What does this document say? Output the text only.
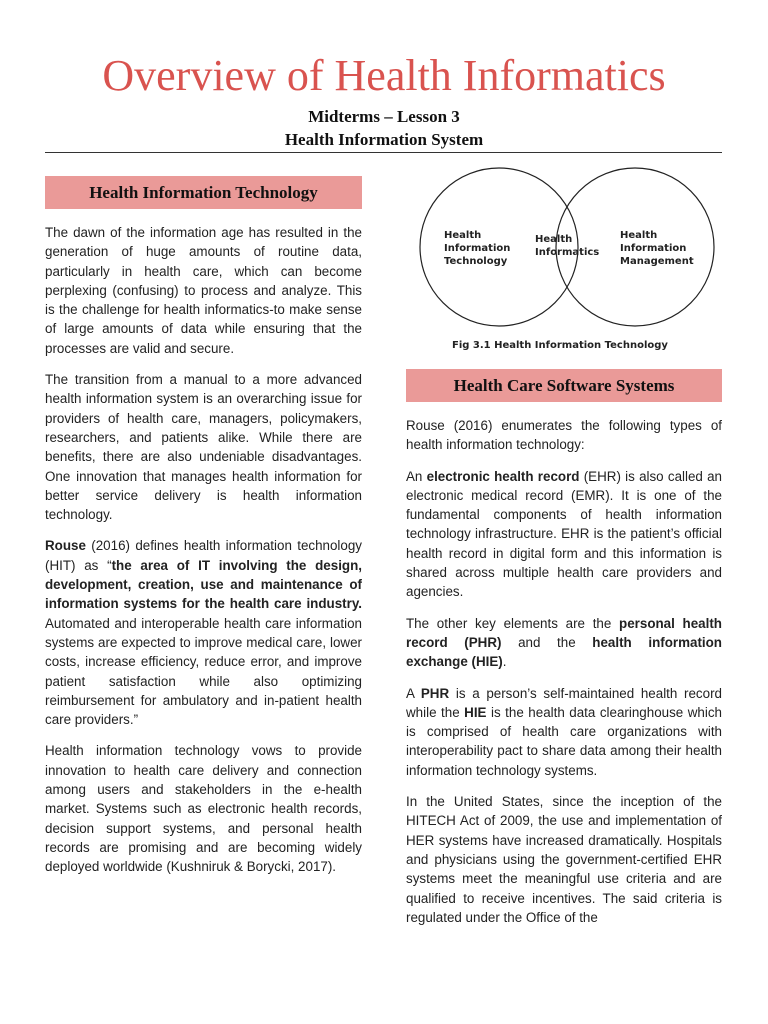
Overview of Health Informatics
Midterms – Lesson 3
Health Information System
Health Information Technology

The dawn of the information age has resulted in the generation of huge amounts of routine data, particularly in health care, which can become perplexing (confusing) to process and analyze. This is the challenge for health informatics-to make sense of large amounts of data while ensuring that the processes are valid and secure.

The transition from a manual to a more advanced health information system is an overarching issue for providers of health care, managers, policymakers, researchers, and patients alike. While there are benefits, there are also undeniable disadvantages. One innovation that manages health information for better service delivery is health information technology.

Rouse (2016) defines health information technology (HIT) as “the area of IT involving the design, development, creation, use and maintenance of information systems for the health care industry. Automated and interoperable health care information systems are expected to improve medical care, lower costs, increase efficiency, reduce error, and improve patient satisfaction while also optimizing reimbursement for ambulatory and in-patient health care providers.”

Health information technology vows to provide innovation to health care delivery and connection among users and stakeholders in the e-health market. Systems such as electronic health records, decision support systems, and personal health records are promising and are becoming widely deployed worldwide (Kushniruk & Borycki, 2017).

Health Information Technology
Health Informatics
Health Information Management
Fig 3.1 Health Information Technology
Health Care Software Systems

Rouse (2016) enumerates the following types of health information technology:

An electronic health record (EHR) is also called an electronic medical record (EMR). It is one of the fundamental components of health information technology infrastructure. EHR is the patient’s official health record in digital form and this information is shared across multiple health care providers and agencies.

The other key elements are the personal health record (PHR) and the health information exchange (HIE).

A PHR is a person’s self-maintained health record while the HIE is the health data clearinghouse which is comprised of health care organizations with interoperability pact to share data among their health information technology systems.

In the United States, since the inception of the HITECH Act of 2009, the use and implementation of HER systems have increased dramatically. Hospitals and physicians using the government-certified EHR systems meet the meaningful use criteria and are qualified to receive incentives. The said criteria is regulated under the Office of the
